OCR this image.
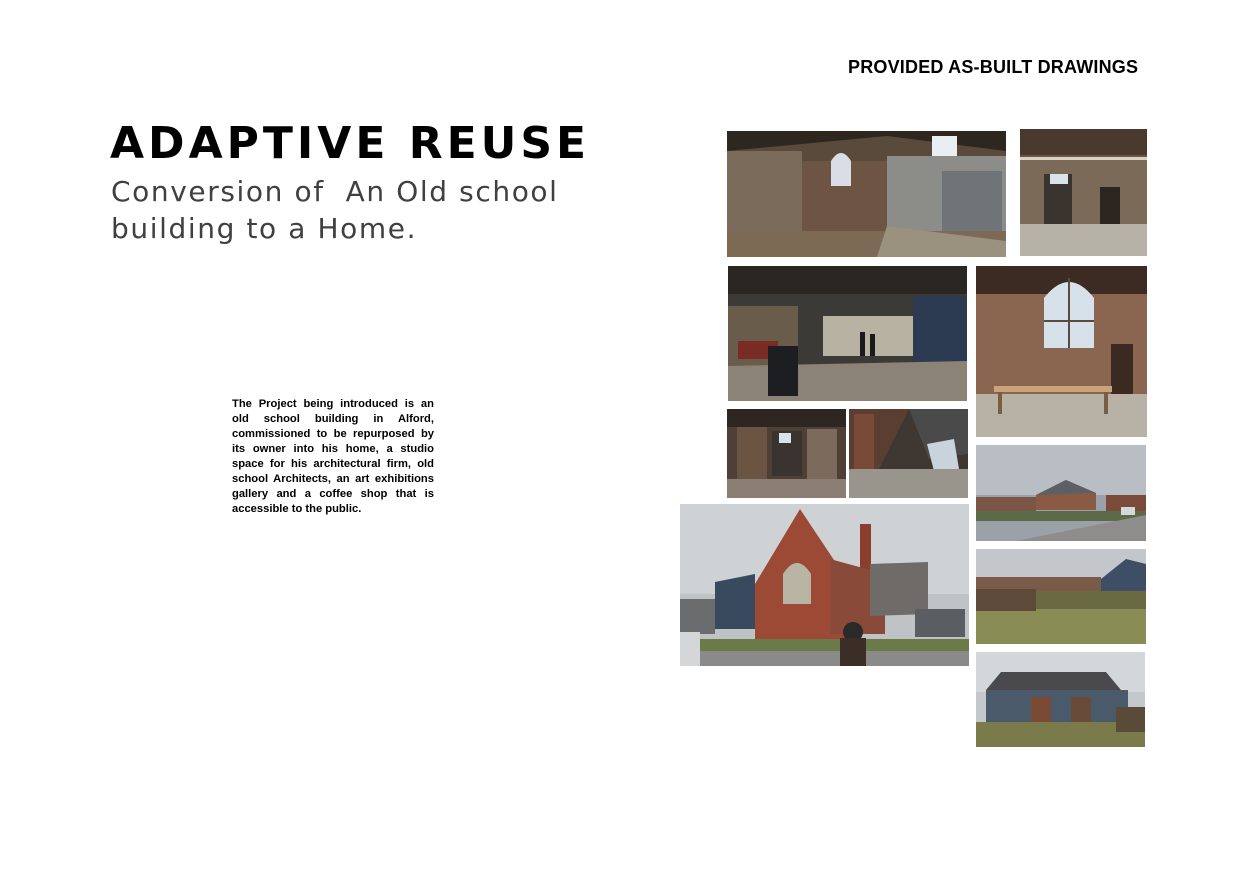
PROVIDED AS-BUILT DRAWINGS
ADAPTIVE REUSE
Conversion of  An Old school
building to a Home.
The Project being introduced is an old school building in Alford, commissioned to be repurposed by its owner into his home, a studio space for his architectural firm, old school Architects, an art exhibitions gallery and a coffee shop that is accessible to the public.
